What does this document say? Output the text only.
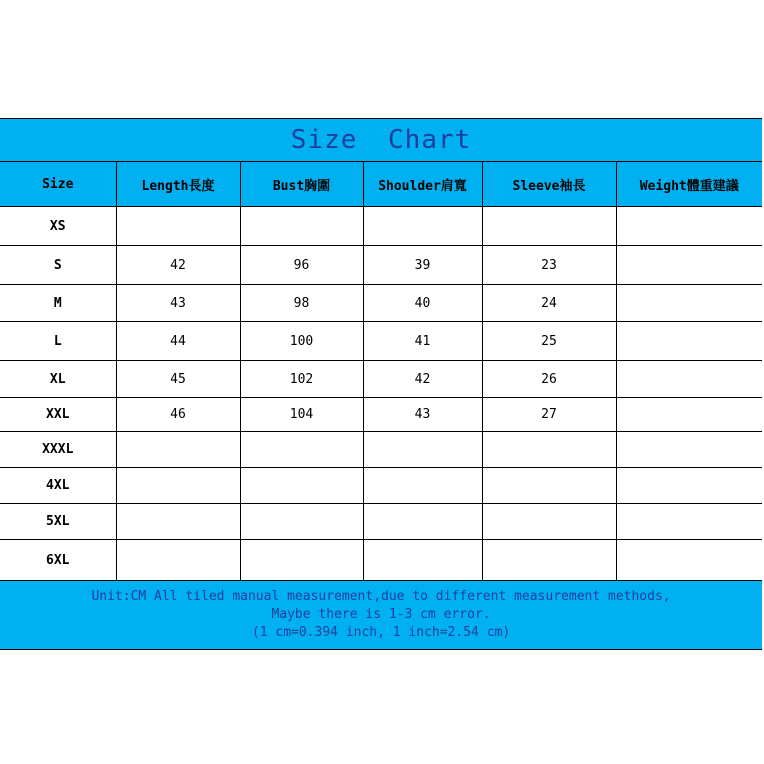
Size Chart					
Size	Length長度	Bust胸圍	Shoulder肩寬	Sleeve袖長	Weight體重建議
XS					
S	42	96	39	23	
M	43	98	40	24	
L	44	100	41	25	
XL	45	102	42	26	
XXL	46	104	43	27	
XXXL					
4XL					
5XL					
6XL					

Unit:CM All tiled manual measurement,due to different measurement methods,
Maybe there is 1-3 cm error.
(1 cm=0.394 inch, 1 inch=2.54 cm)					
